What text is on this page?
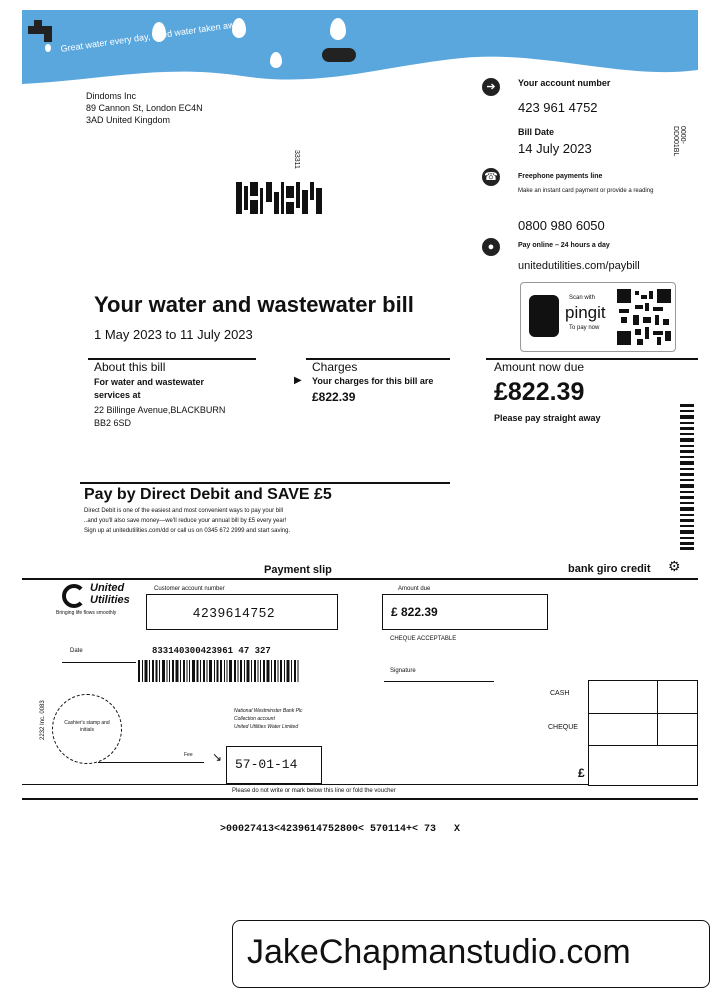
Great water every day, used water taken away
Dindoms Inc
89 Cannon St, London EC4N
3AD United Kingdom
33311
➔	Your account number
423 961 4752
Bill Date
14 July 2023
0000-DD001BL
☎	Freephone payments line
Make an instant card payment or provide a reading
0800 980 6050
●	Pay online – 24 hours a day
unitedutilities.com/paybill
Scan with
pingit
To pay now
Your water and wastewater bill
1 May 2023 to 11 July 2023
About this bill
For water and wastewater
services at
22 Billinge Avenue,BLACKBURN
BB2 6SD
Charges
▶ Your charges for this bill are
£822.39
Amount now due
£822.39
Please pay straight away
Pay by Direct Debit and SAVE £5
Direct Debit is one of the easiest and most convenient ways to pay your bill
..and you'll also save money—we'll reduce your annual bill by £5 every year!
Sign up at unitedutilities.com/dd or call us on 0345 672 2999 and start saving.
Payment slip	bank giro credit ⚙
United
Utilities
Bringing life flows smoothly
Customer account number
4239614752
Amount due
£ 822.39
CHEQUE ACCEPTABLE
Date	833140300423961 47 327
Signature
2232 Inc. 0083	Cashier's stamp and initials
National Westminster Bank Plc
Collection account
United Utilities Water Limited
Fee ↘ 57-01-14
CASH
CHEQUE
£
Please do not write or mark below this line or fold the voucher
>00027413<4239614752800< 570114+< 73   X
JakeChapmanstudio.com
